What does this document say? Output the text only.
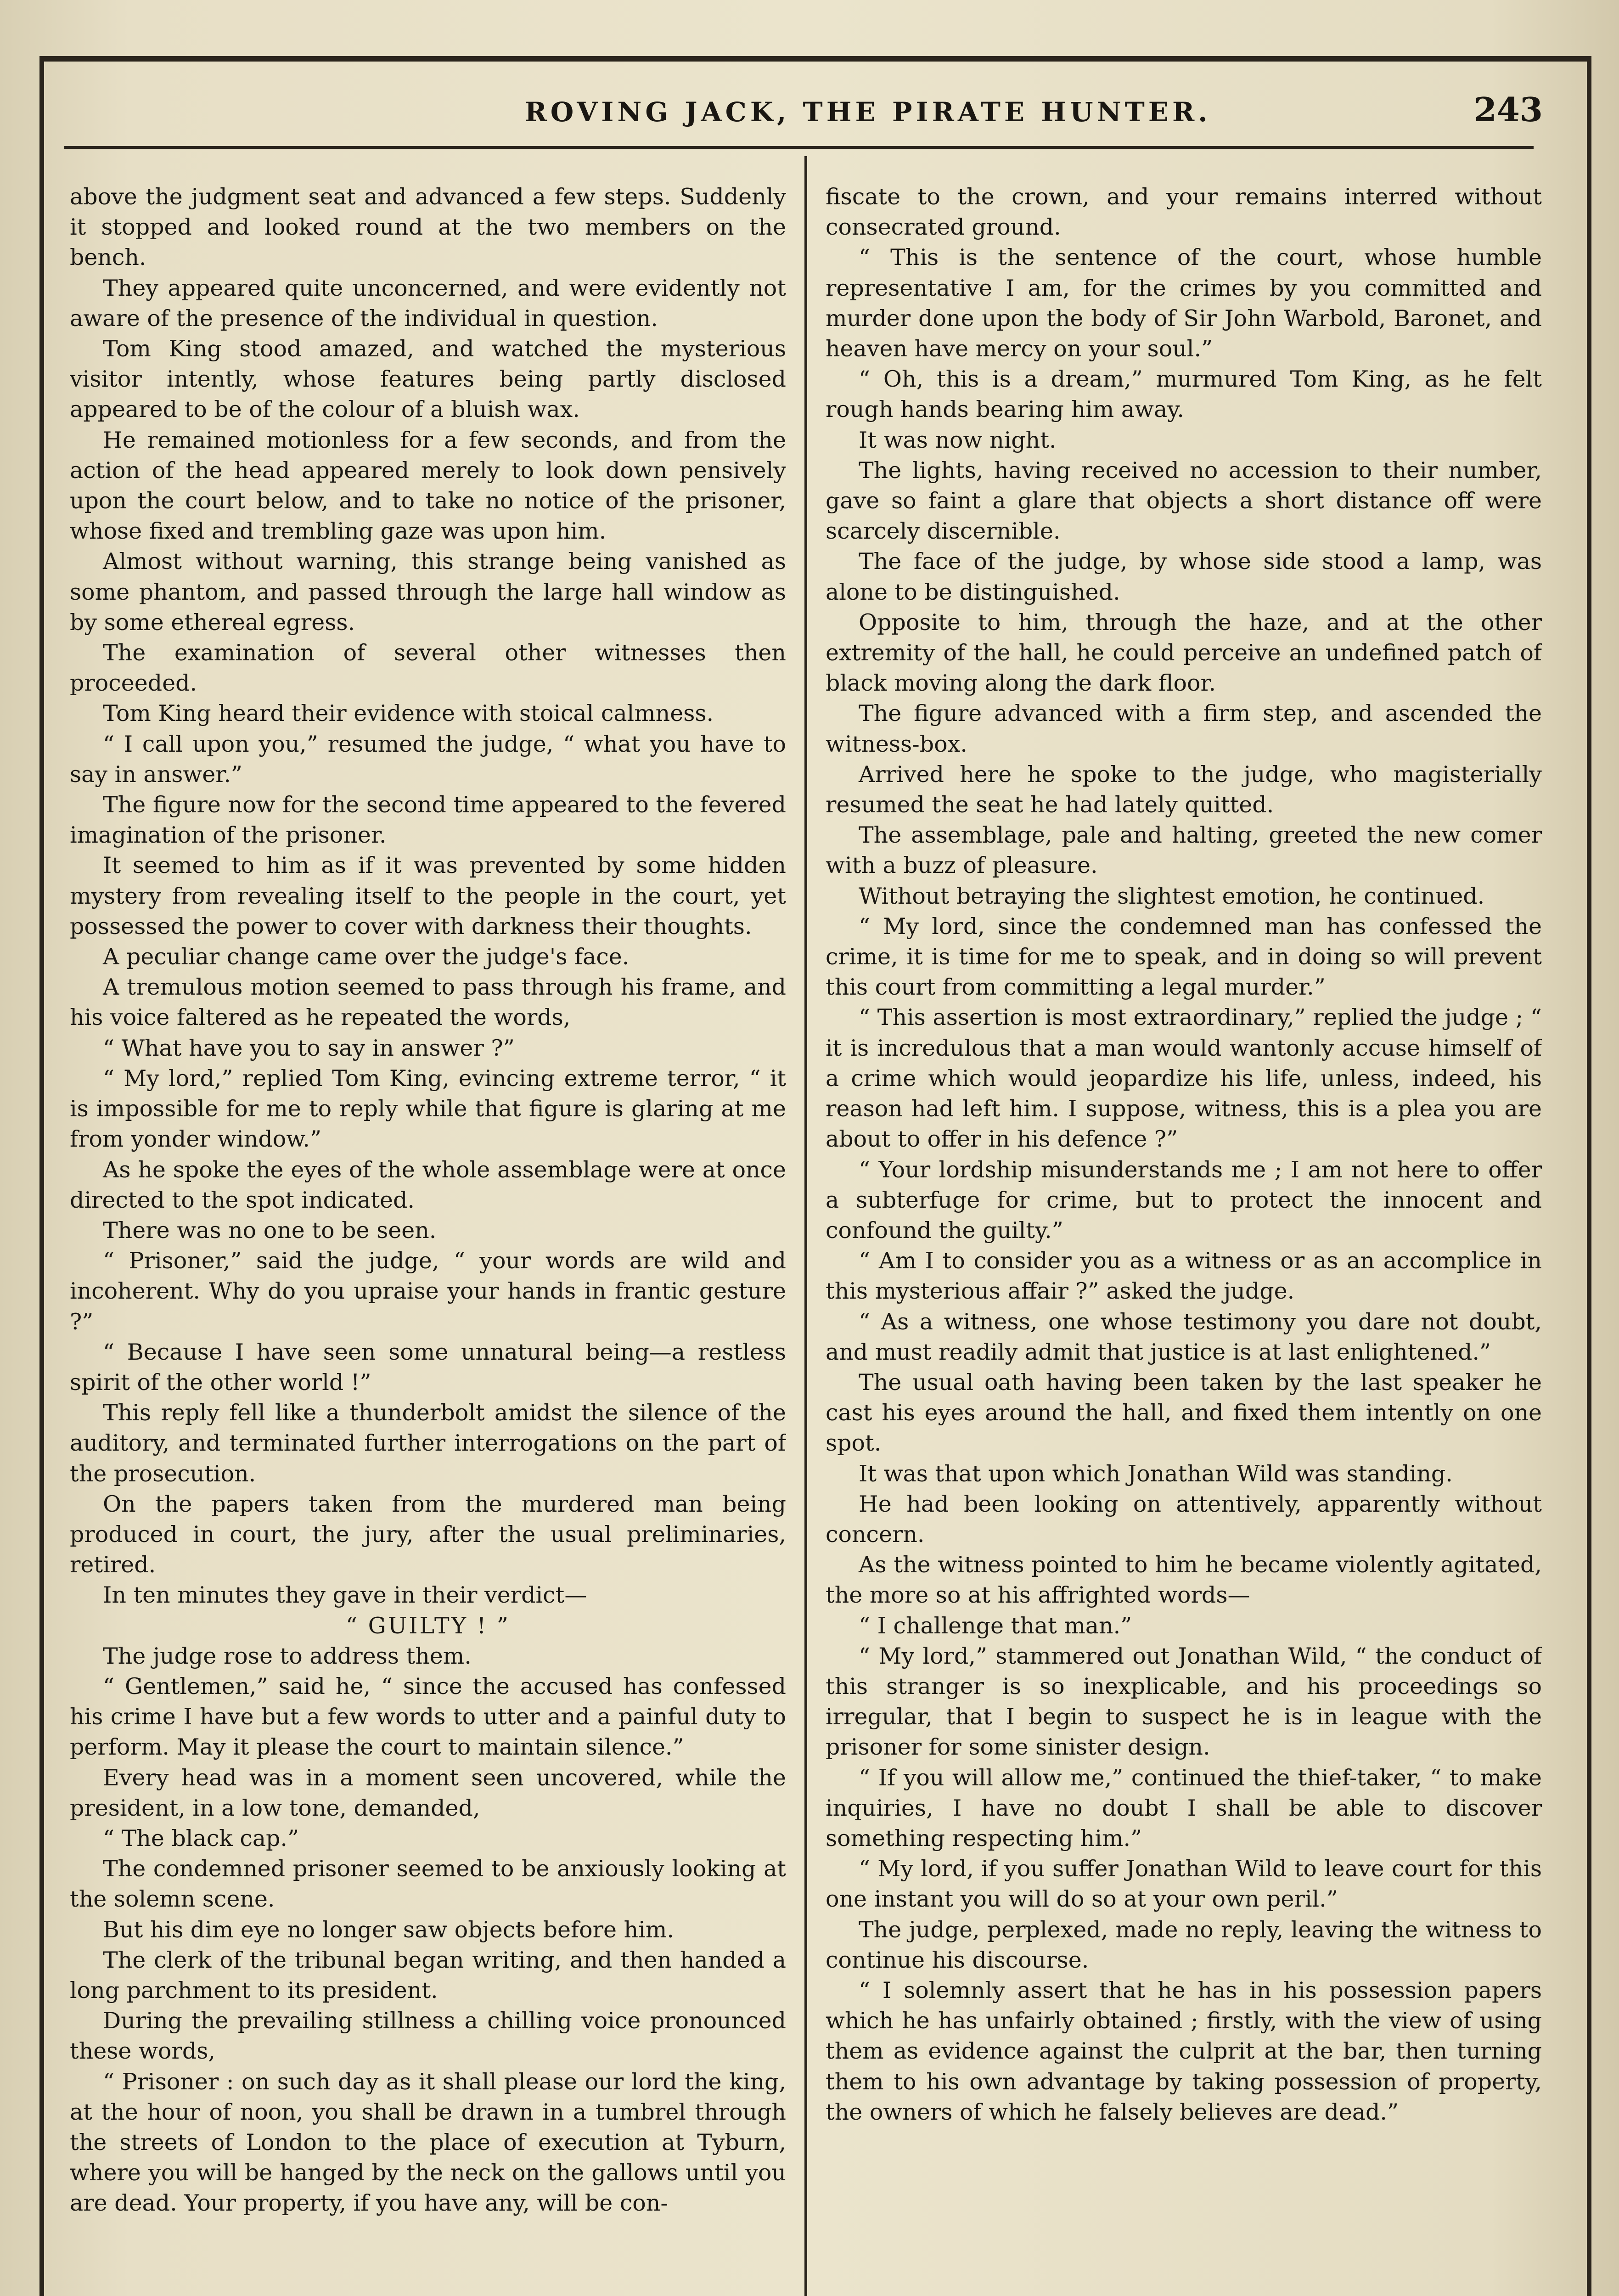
ROVING JACK, THE PIRATE HUNTER.	243

above the judgment seat and advanced a few steps. Suddenly it stopped and looked round at the two members on the bench.

They appeared quite unconcerned, and were evidently not aware of the presence of the individual in question.

Tom King stood amazed, and watched the mysterious visitor intently, whose features being partly disclosed appeared to be of the colour of a bluish wax.

He remained motionless for a few seconds, and from the action of the head appeared merely to look down pensively upon the court below, and to take no notice of the prisoner, whose fixed and trembling gaze was upon him.

Almost without warning, this strange being vanished as some phantom, and passed through the large hall window as by some ethereal egress.

The examination of several other witnesses then proceeded.

Tom King heard their evidence with stoical calmness.

“ I call upon you,” resumed the judge, “ what you have to say in answer.”

The figure now for the second time appeared to the fevered imagination of the prisoner.

It seemed to him as if it was prevented by some hidden mystery from revealing itself to the people in the court, yet possessed the power to cover with darkness their thoughts.

A peculiar change came over the judge's face.

A tremulous motion seemed to pass through his frame, and his voice faltered as he repeated the words,

“ What have you to say in answer ?”

“ My lord,” replied Tom King, evincing extreme terror, “ it is impossible for me to reply while that figure is glaring at me from yonder window.”

As he spoke the eyes of the whole assemblage were at once directed to the spot indicated.

There was no one to be seen.

“ Prisoner,” said the judge, “ your words are wild and incoherent. Why do you upraise your hands in frantic gesture ?”

“ Because I have seen some unnatural being—a restless spirit of the other world !”

This reply fell like a thunderbolt amidst the silence of the auditory, and terminated further interrogations on the part of the prosecution.

On the papers taken from the murdered man being produced in court, the jury, after the usual preliminaries, retired.

In ten minutes they gave in their verdict—

“ GUILTY ! ”

The judge rose to address them.

“ Gentlemen,” said he, “ since the accused has confessed his crime I have but a few words to utter and a painful duty to perform. May it please the court to maintain silence.”

Every head was in a moment seen uncovered, while the president, in a low tone, demanded,

“ The black cap.”

The condemned prisoner seemed to be anxiously looking at the solemn scene.

But his dim eye no longer saw objects before him.

The clerk of the tribunal began writing, and then handed a long parchment to its president.

During the prevailing stillness a chilling voice pronounced these words,

“ Prisoner : on such day as it shall please our lord the king, at the hour of noon, you shall be drawn in a tumbrel through the streets of London to the place of execution at Tyburn, where you will be hanged by the neck on the gallows until you are dead. Your property, if you have any, will be con-

fiscate to the crown, and your remains interred without consecrated ground.

“ This is the sentence of the court, whose humble representative I am, for the crimes by you committed and murder done upon the body of Sir John Warbold, Baronet, and heaven have mercy on your soul.”

“ Oh, this is a dream,” murmured Tom King, as he felt rough hands bearing him away.

It was now night.

The lights, having received no accession to their number, gave so faint a glare that objects a short distance off were scarcely discernible.

The face of the judge, by whose side stood a lamp, was alone to be distinguished.

Opposite to him, through the haze, and at the other extremity of the hall, he could perceive an undefined patch of black moving along the dark floor.

The figure advanced with a firm step, and ascended the witness-box.

Arrived here he spoke to the judge, who magisterially resumed the seat he had lately quitted.

The assemblage, pale and halting, greeted the new comer with a buzz of pleasure.

Without betraying the slightest emotion, he continued.

“ My lord, since the condemned man has confessed the crime, it is time for me to speak, and in doing so will prevent this court from committing a legal murder.”

“ This assertion is most extraordinary,” replied the judge ; “ it is incredulous that a man would wantonly accuse himself of a crime which would jeopardize his life, unless, indeed, his reason had left him. I suppose, witness, this is a plea you are about to offer in his defence ?”

“ Your lordship misunderstands me ; I am not here to offer a subterfuge for crime, but to protect the innocent and confound the guilty.”

“ Am I to consider you as a witness or as an accomplice in this mysterious affair ?” asked the judge.

“ As a witness, one whose testimony you dare not doubt, and must readily admit that justice is at last enlightened.”

The usual oath having been taken by the last speaker he cast his eyes around the hall, and fixed them intently on one spot.

It was that upon which Jonathan Wild was standing.

He had been looking on attentively, apparently without concern.

As the witness pointed to him he became violently agitated, the more so at his affrighted words—

“ I challenge that man.”

“ My lord,” stammered out Jonathan Wild, “ the conduct of this stranger is so inexplicable, and his proceedings so irregular, that I begin to suspect he is in league with the prisoner for some sinister design.

“ If you will allow me,” continued the thief-taker, “ to make inquiries, I have no doubt I shall be able to discover something respecting him.”

“ My lord, if you suffer Jonathan Wild to leave court for this one instant you will do so at your own peril.”

The judge, perplexed, made no reply, leaving the witness to continue his discourse.

“ I solemnly assert that he has in his possession papers which he has unfairly obtained ; firstly, with the view of using them as evidence against the culprit at the bar, then turning them to his own advantage by taking possession of property, the owners of which he falsely believes are dead.”
